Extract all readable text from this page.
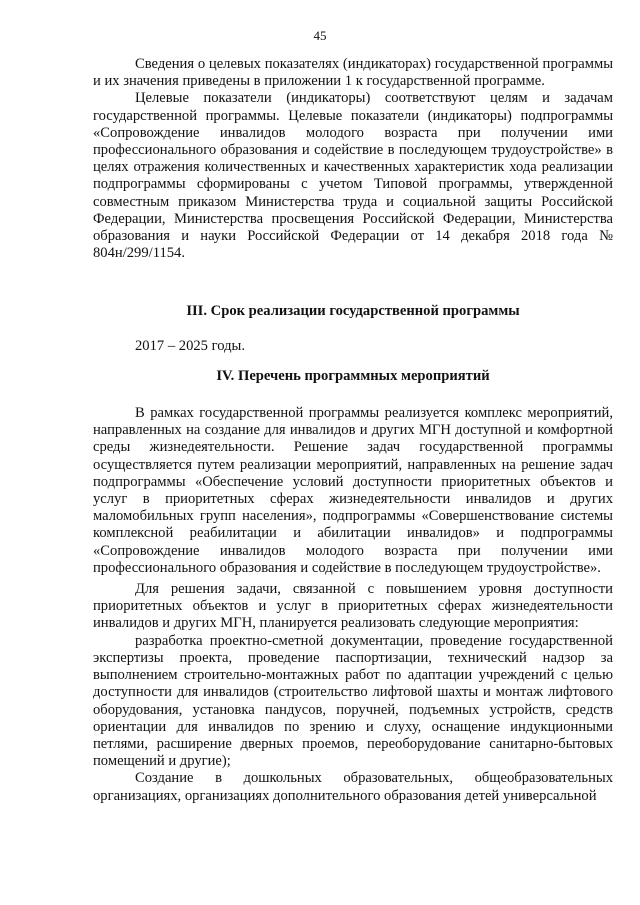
45

Сведения о целевых показателях (индикаторах) государственной программы и их значения приведены в приложении 1 к государственной программе.

Целевые показатели (индикаторы) соответствуют целям и задачам государственной программы. Целевые показатели (индикаторы) подпрограммы «Сопровождение инвалидов молодого возраста при получении ими профессионального образования и содействие в последующем трудоустройстве» в целях отражения количественных и качественных характеристик хода реализации подпрограммы сформированы с учетом Типовой программы, утвержденной совместным приказом Министерства труда и социальной защиты Российской Федерации, Министерства просвещения Российской Федерации, Министерства образования и науки Российской Федерации от 14 декабря 2018 года № 804н/299/1154.

III. Срок реализации государственной программы

2017 – 2025 годы.

IV. Перечень программных мероприятий

В рамках государственной программы реализуется комплекс мероприятий, направленных на создание для инвалидов и других МГН доступной и комфортной среды жизнедеятельности. Решение задач государственной программы осуществляется путем реализации мероприятий, направленных на решение задач подпрограммы «Обеспечение условий доступности приоритетных объектов и услуг в приоритетных сферах жизнедеятельности инвалидов и других маломобильных групп населения», подпрограммы «Совершенствование системы комплексной реабилитации и абилитации инвалидов» и подпрограммы «Сопровождение инвалидов молодого возраста при получении ими профессионального образования и содействие в последующем трудоустройстве».

Для решения задачи, связанной с повышением уровня доступности приоритетных объектов и услуг в приоритетных сферах жизнедеятельности инвалидов и других МГН, планируется реализовать следующие мероприятия:

разработка проектно-сметной документации, проведение государственной экспертизы проекта, проведение паспортизации, технический надзор за выполнением строительно-монтажных работ по адаптации учреждений с целью доступности для инвалидов (строительство лифтовой шахты и монтаж лифтового оборудования, установка пандусов, поручней, подъемных устройств, средств ориентации для инвалидов по зрению и слуху, оснащение индукционными петлями, расширение дверных проемов, переоборудование санитарно-бытовых помещений и другие);

Создание в дошкольных образовательных, общеобразовательных организациях, организациях дополнительного образования детей универсальной
